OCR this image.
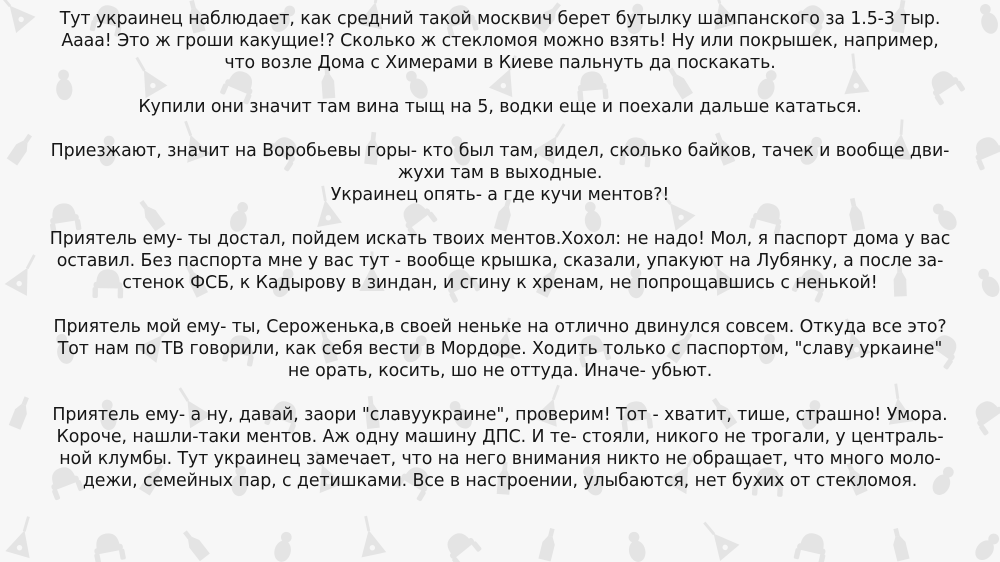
Тут украинец наблюдает, как средний такой москвич берет бутылку шампанского за 1.5-3 тыр.
Аааа! Это ж гроши какущие!? Сколько ж стекломоя можно взять! Ну или покрышек, например,
что возле Дома с Химерами в Киеве пальнуть да поскакать.
Купили они значит там вина тыщ на 5, водки еще и поехали дальше кататься.
Приезжают, значит на Воробьевы горы- кто был там, видел, сколько байков, тачек и вообще дви-
жухи там в выходные.
Украинец опять- а где кучи ментов?!
Приятель ему- ты достал, пойдем искать твоих ментов.Хохол: не надо! Мол, я паспорт дома у вас
оставил. Без паспорта мне у вас тут - вообще крышка, сказали, упакуют на Лубянку, а после за-
стенок ФСБ, к Кадырову в зиндан, и сгину к хренам, не попрощавшись с ненькой!
Приятель мой ему- ты, Сероженька,в своей неньке на отлично двинулся совсем. Откуда все это?
Тот нам по ТВ говорили, как себя вести в Мордоре. Ходить только с паспортом, "славу уркаине"
не орать, косить, шо не оттуда. Иначе- убьют.
Приятель ему- а ну, давай, заори "славуукраине", проверим! Тот - хватит, тише, страшно! Умора.
Короче, нашли-таки ментов. Аж одну машину ДПС. И те- стояли, никого не трогали, у централь-
ной клумбы. Тут украинец замечает, что на него внимания никто не обращает, что много моло-
дежи, семейных пар, с детишками. Все в настроении, улыбаются, нет бухих от стекломоя.
